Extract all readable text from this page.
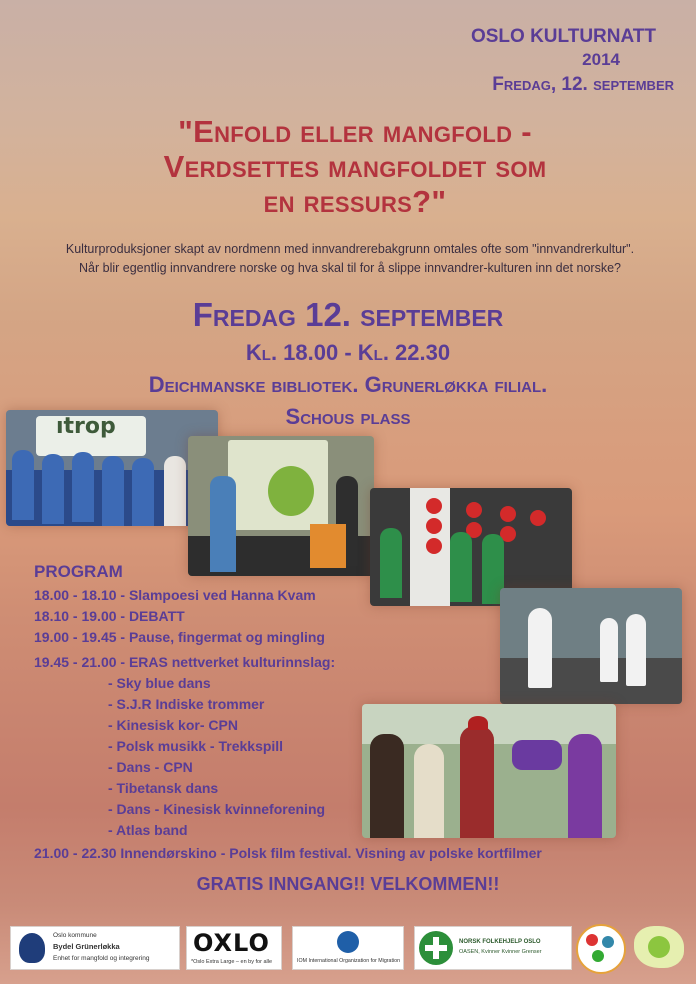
OSLO KULTURNATT
2014
Fredag, 12. september
"Enfold eller mangfold -
Verdsettes mangfoldet som
en ressurs?"
Kulturproduksjoner skapt av nordmenn med innvandrerebakgrunn omtales ofte som "innvandrerkultur".
Når blir egentlig innvandrere norske og hva skal til for å slippe innvandrer-kulturen inn det norske?
Fredag 12. september
Kl. 18.00 - Kl. 22.30
Deichmanske bibliotek. Grunerløkka filial.
Schous plass
ıtrop
PROGRAM
18.00 - 18.10 - Slampoesi ved Hanna Kvam
18.10 - 19.00 - DEBATT
19.00 - 19.45 - Pause, fingermat og mingling
19.45 - 21.00 - ERAS nettverket kulturinnslag:
- Sky blue dans
- S.J.R Indiske trommer
- Kinesisk kor- CPN
- Polsk musikk - Trekkspill
- Dans - CPN
- Tibetansk dans
- Dans - Kinesisk kvinneforening
- Atlas band
21.00 - 22.30 Innendørskino - Polsk film festival. Visning av polske kortfilmer
GRATIS INNGANG!! VELKOMMEN!!
Oslo kommune
Bydel Grünerløkka
Enhet for mangfold og integrering
OXLO
*Oslo Extra Large – en by for alle	IOM International Organization for Migration
NORSK FOLKEHJELP OSLO
OASEN, Kvinner Kvinner Grenser
